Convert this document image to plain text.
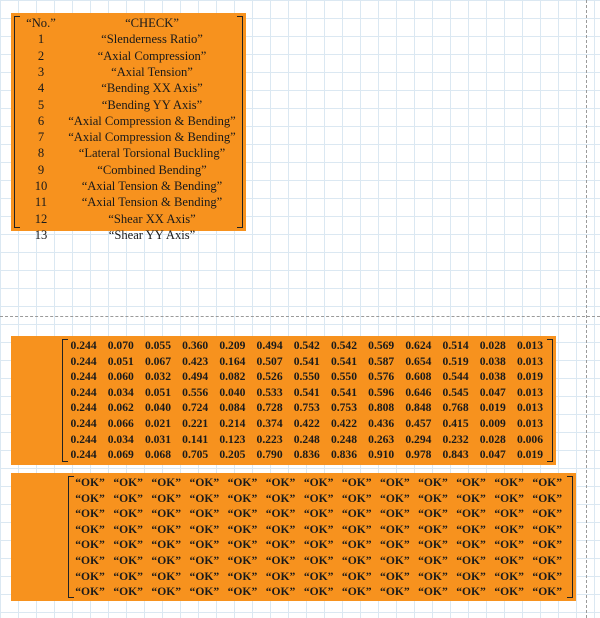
“No.”	“CHECK”
1	“Slenderness Ratio”
2	“Axial Compression”
3	“Axial Tension”
4	“Bending XX Axis”
5	“Bending YY Axis”
6	“Axial Compression & Bending”
7	“Axial Compression & Bending”
8	“Lateral Torsional Buckling”
9	“Combined Bending”
10	“Axial Tension & Bending”
11	“Axial Tension & Bending”
12	“Shear XX Axis”
13	“Shear YY Axis”
0.244 0.070 0.055 0.360 0.209 0.494 0.542 0.542 0.569 0.624 0.514 0.028 0.013
0.244 0.051 0.067 0.423 0.164 0.507 0.541 0.541 0.587 0.654 0.519 0.038 0.013
0.244 0.060 0.032 0.494 0.082 0.526 0.550 0.550 0.576 0.608 0.544 0.038 0.019
0.244 0.034 0.051 0.556 0.040 0.533 0.541 0.541 0.596 0.646 0.545 0.047 0.013
0.244 0.062 0.040 0.724 0.084 0.728 0.753 0.753 0.808 0.848 0.768 0.019 0.013
0.244 0.066 0.021 0.221 0.214 0.374 0.422 0.422 0.436 0.457 0.415 0.009 0.013
0.244 0.034 0.031 0.141 0.123 0.223 0.248 0.248 0.263 0.294 0.232 0.028 0.006
0.244 0.069 0.068 0.705 0.205 0.790 0.836 0.836 0.910 0.978 0.843 0.047 0.019
“OK” “OK” “OK” “OK” “OK” “OK” “OK” “OK” “OK” “OK” “OK” “OK” “OK”
“OK” “OK” “OK” “OK” “OK” “OK” “OK” “OK” “OK” “OK” “OK” “OK” “OK”
“OK” “OK” “OK” “OK” “OK” “OK” “OK” “OK” “OK” “OK” “OK” “OK” “OK”
“OK” “OK” “OK” “OK” “OK” “OK” “OK” “OK” “OK” “OK” “OK” “OK” “OK”
“OK” “OK” “OK” “OK” “OK” “OK” “OK” “OK” “OK” “OK” “OK” “OK” “OK”
“OK” “OK” “OK” “OK” “OK” “OK” “OK” “OK” “OK” “OK” “OK” “OK” “OK”
“OK” “OK” “OK” “OK” “OK” “OK” “OK” “OK” “OK” “OK” “OK” “OK” “OK”
“OK” “OK” “OK” “OK” “OK” “OK” “OK” “OK” “OK” “OK” “OK” “OK” “OK”
